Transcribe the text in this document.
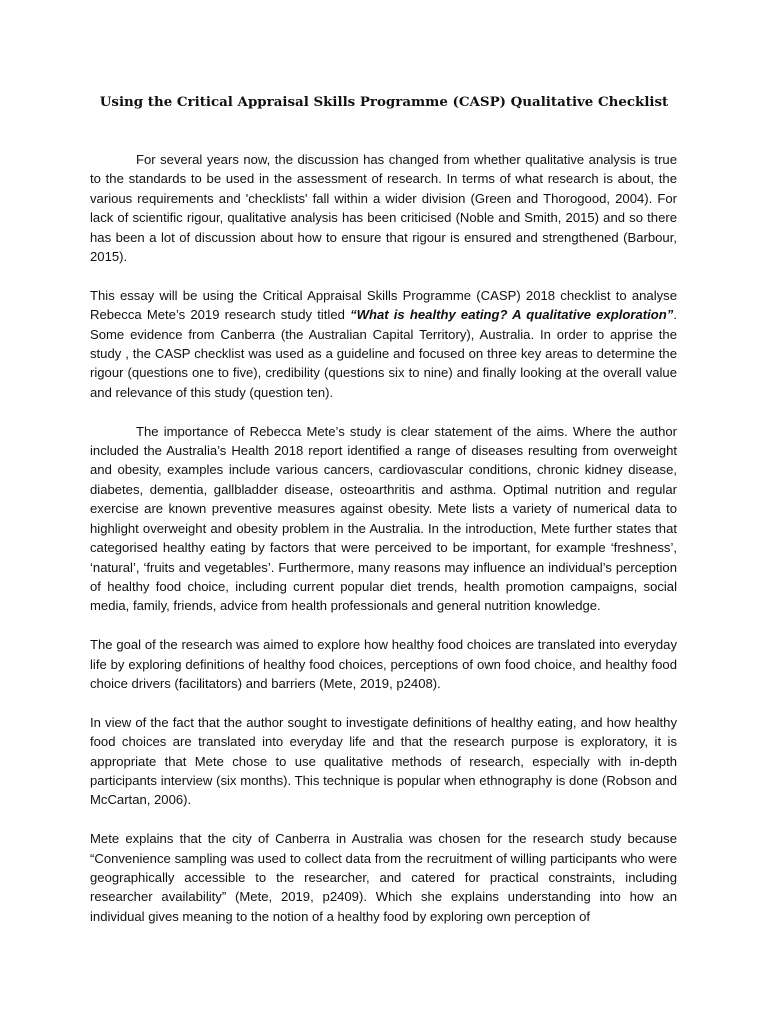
Using the Critical Appraisal Skills Programme (CASP) Qualitative Checklist

For several years now, the discussion has changed from whether qualitative analysis is true to the standards to be used in the assessment of research. In terms of what research is about, the various requirements and 'checklists' fall within a wider division (Green and Thorogood, 2004). For lack of scientific rigour, qualitative analysis has been criticised (Noble and Smith, 2015) and so there has been a lot of discussion about how to ensure that rigour is ensured and strengthened (Barbour, 2015).

This essay will be using the Critical Appraisal Skills Programme (CASP) 2018 checklist to analyse Rebecca Mete’s 2019 research study titled “What is healthy eating? A qualitative exploration”. Some evidence from Canberra (the Australian Capital Territory), Australia. In order to apprise the study , the CASP checklist was used as a guideline and focused on three key areas to determine the rigour (questions one to five), credibility (questions six to nine) and finally looking at the overall value and relevance of this study (question ten).

The importance of Rebecca Mete’s study is clear statement of the aims. Where the author included the Australia’s Health 2018 report identified a range of diseases resulting from overweight and obesity, examples include various cancers, cardiovascular conditions, chronic kidney disease, diabetes, dementia, gallbladder disease, osteoarthritis and asthma. Optimal nutrition and regular exercise are known preventive measures against obesity. Mete lists a variety of numerical data to highlight overweight and obesity problem in the Australia. In the introduction, Mete further states that categorised healthy eating by factors that were perceived to be important, for example ‘freshness’, ‘natural’, ‘fruits and vegetables’. Furthermore, many reasons may influence an individual’s perception of healthy food choice, including current popular diet trends, health promotion campaigns, social media, family, friends, advice from health professionals and general nutrition knowledge.

The goal of the research was aimed to explore how healthy food choices are translated into everyday life by exploring definitions of healthy food choices, perceptions of own food choice, and healthy food choice drivers (facilitators) and barriers (Mete, 2019, p2408).

In view of the fact that the author sought to investigate definitions of healthy eating, and how healthy food choices are translated into everyday life and that the research purpose is exploratory, it is appropriate that Mete chose to use qualitative methods of research, especially with in-depth participants interview (six months). This technique is popular when ethnography is done (Robson and McCartan, 2006).

Mete explains that the city of Canberra in Australia was chosen for the research study because “Convenience sampling was used to collect data from the recruitment of willing participants who were geographically accessible to the researcher, and catered for practical constraints, including researcher availability” (Mete, 2019, p2409). Which she explains understanding into how an individual gives meaning to the notion of a healthy food by exploring own perception of
